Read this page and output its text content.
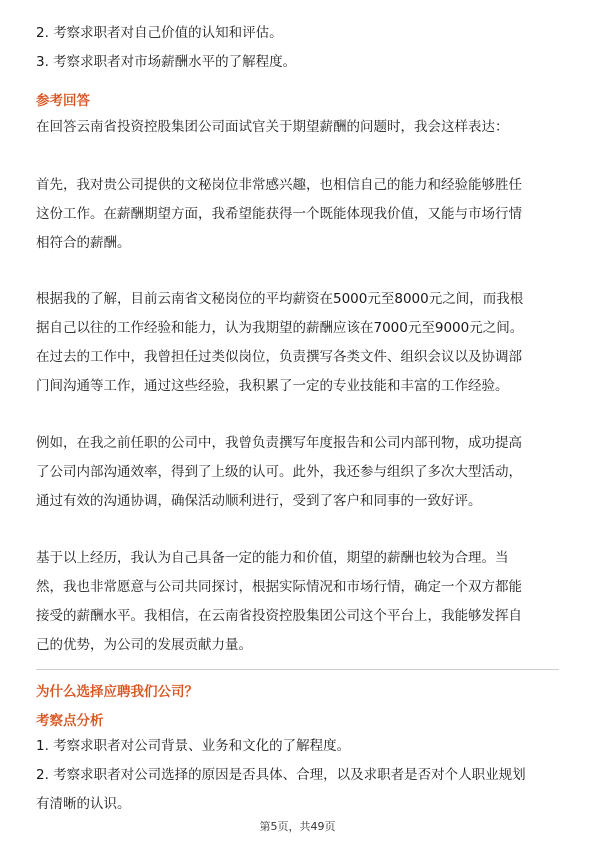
2. 考察求职者对自己价值的认知和评估。
3. 考察求职者对市场薪酬水平的了解程度。
参考回答
在回答云南省投资控股集团公司面试官关于期望薪酬的问题时，我会这样表达：
首先，我对贵公司提供的文秘岗位非常感兴趣，也相信自己的能力和经验能够胜任
这份工作。在薪酬期望方面，我希望能获得一个既能体现我价值，又能与市场行情
相符合的薪酬。
根据我的了解，目前云南省文秘岗位的平均薪资在5000元至8000元之间，而我根
据自己以往的工作经验和能力，认为我期望的薪酬应该在7000元至9000元之间。
在过去的工作中，我曾担任过类似岗位，负责撰写各类文件、组织会议以及协调部
门间沟通等工作，通过这些经验，我积累了一定的专业技能和丰富的工作经验。
例如，在我之前任职的公司中，我曾负责撰写年度报告和公司内部刊物，成功提高
了公司内部沟通效率，得到了上级的认可。此外，我还参与组织了多次大型活动，
通过有效的沟通协调，确保活动顺利进行，受到了客户和同事的一致好评。
基于以上经历，我认为自己具备一定的能力和价值，期望的薪酬也较为合理。当
然，我也非常愿意与公司共同探讨，根据实际情况和市场行情，确定一个双方都能
接受的薪酬水平。我相信，在云南省投资控股集团公司这个平台上，我能够发挥自
己的优势，为公司的发展贡献力量。
为什么选择应聘我们公司？
考察点分析
1. 考察求职者对公司背景、业务和文化的了解程度。
2. 考察求职者对公司选择的原因是否具体、合理，以及求职者是否对个人职业规划
有清晰的认识。
第5页，共49页
